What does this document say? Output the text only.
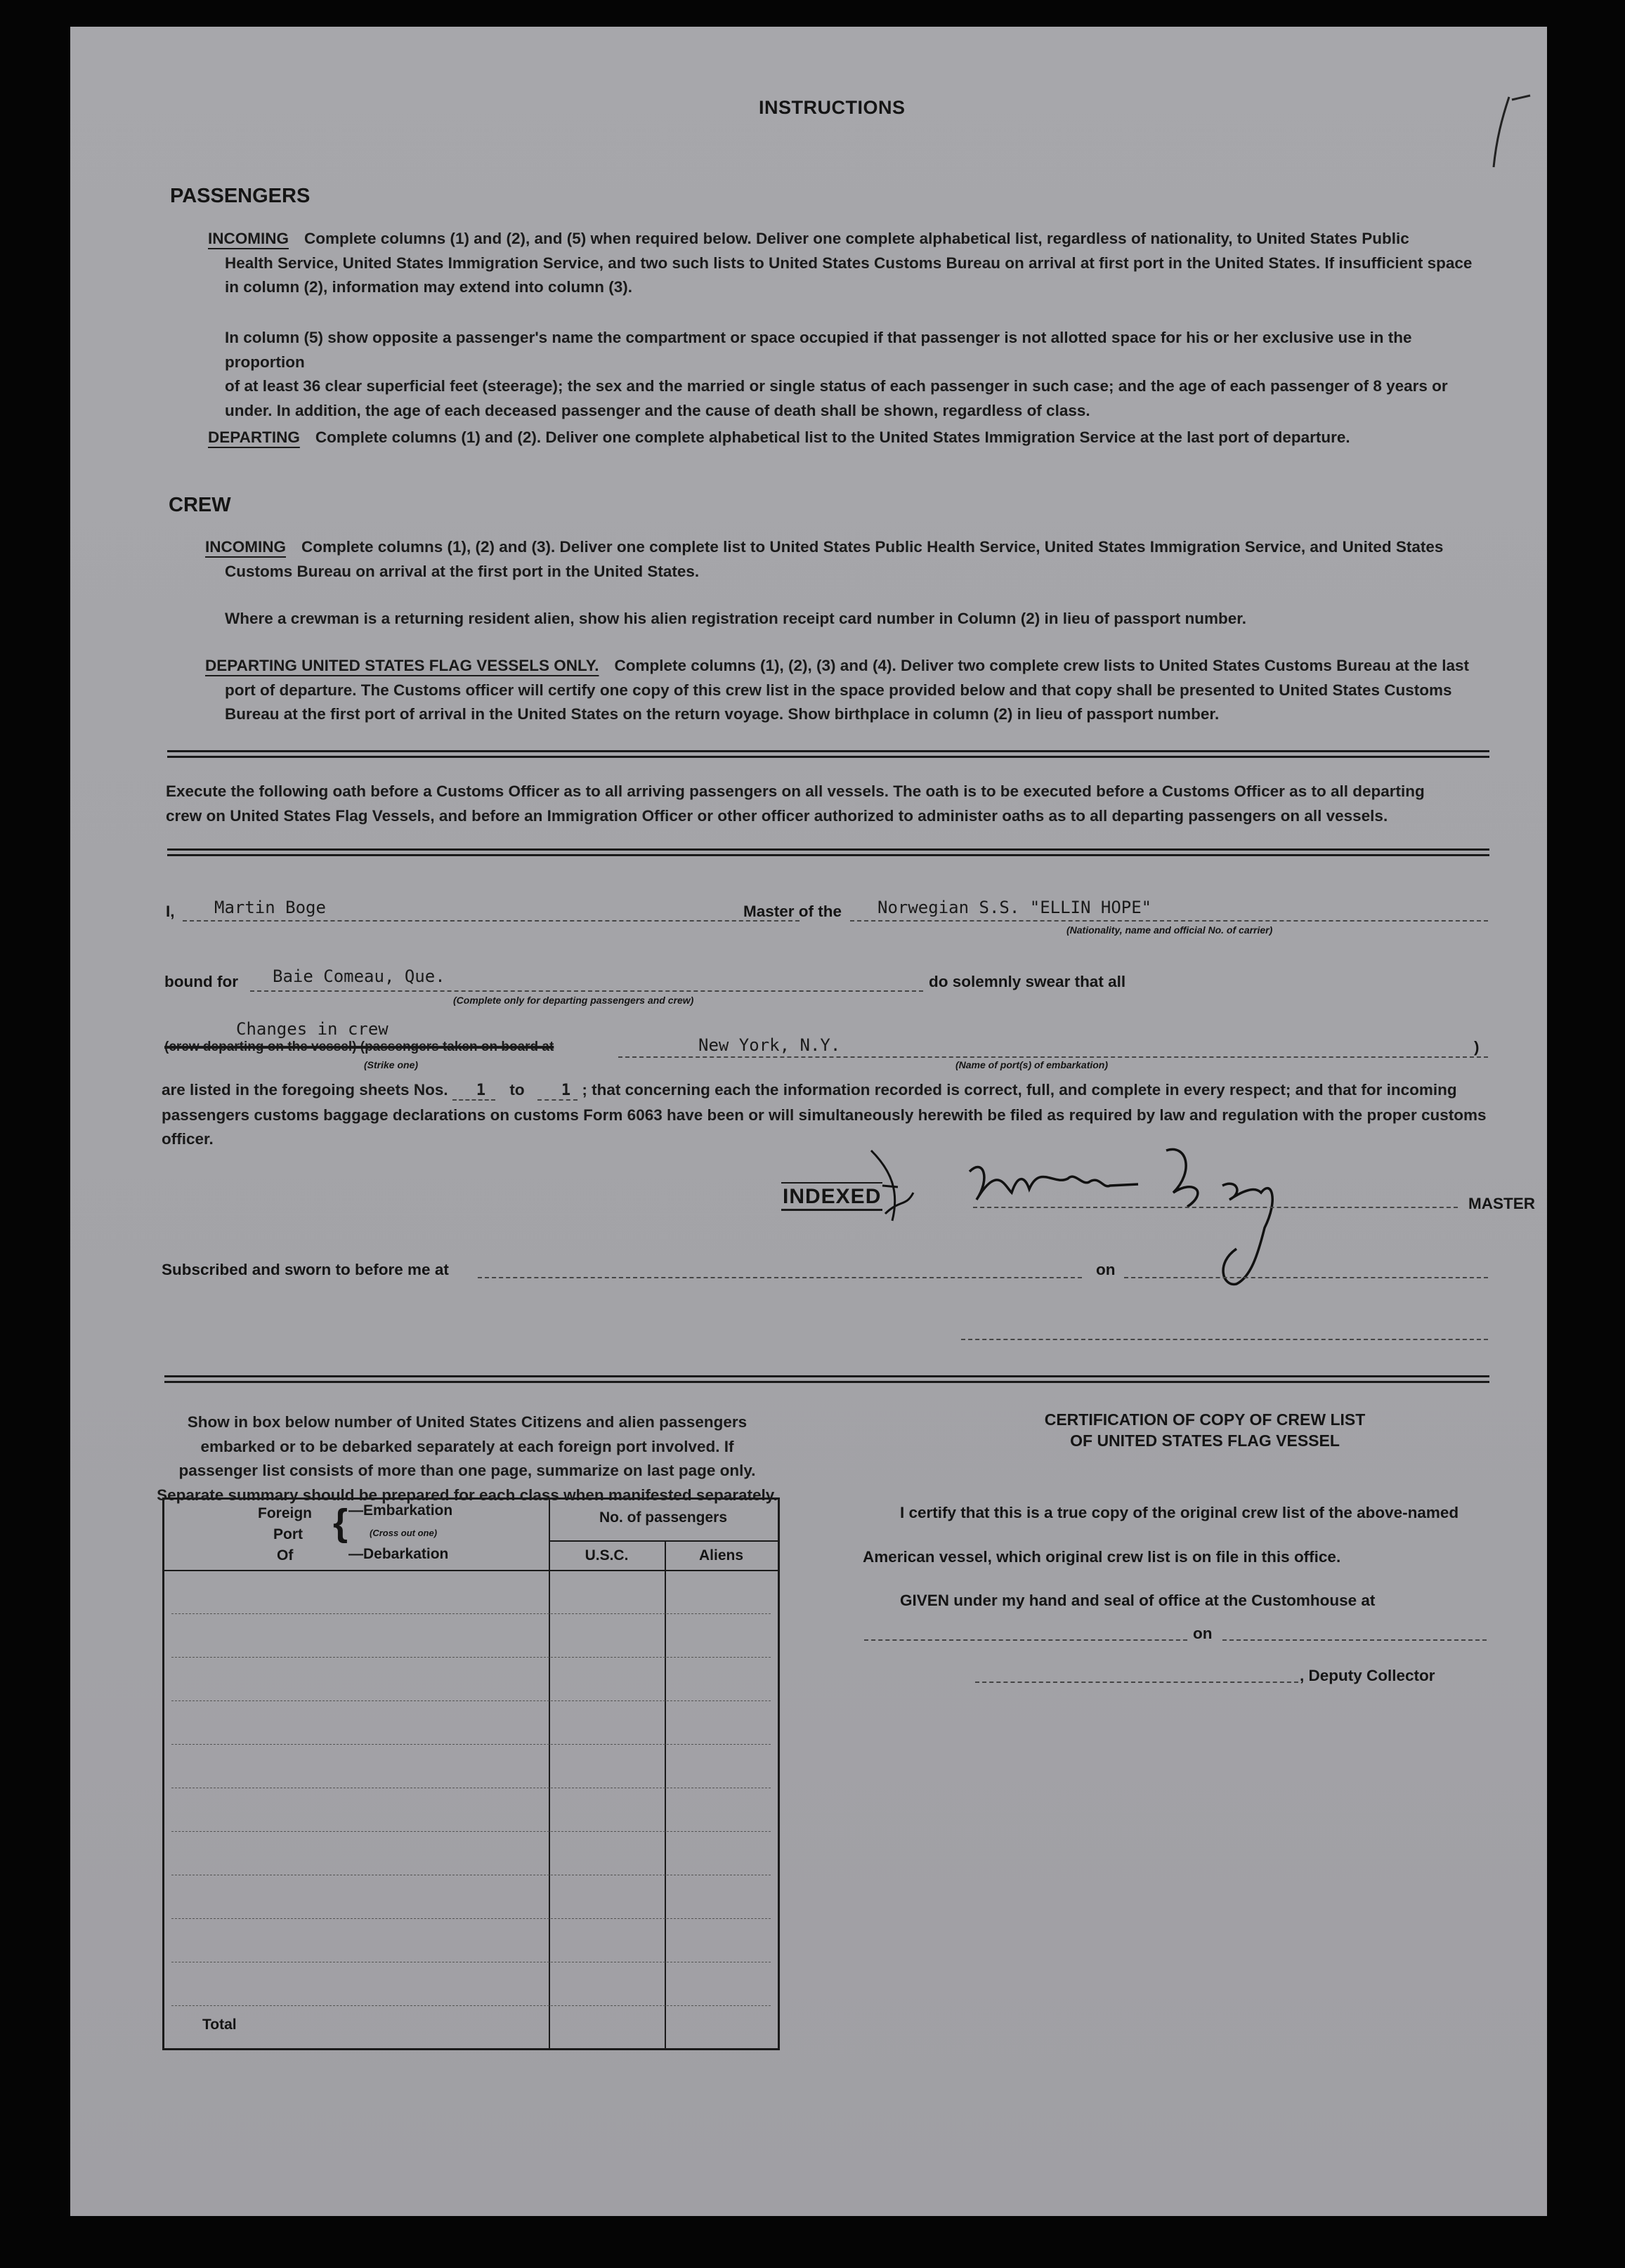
INSTRUCTIONS
PASSENGERS
INCOMING Complete columns (1) and (2), and (5) when required below. Deliver one complete alphabetical list, regardless of nationality, to United States Public
Health Service, United States Immigration Service, and two such lists to United States Customs Bureau on arrival at first port in the United States. If insufficient space
in column (2), information may extend into column (3).
In column (5) show opposite a passenger's name the compartment or space occupied if that passenger is not allotted space for his or her exclusive use in the proportion
of at least 36 clear superficial feet (steerage); the sex and the married or single status of each passenger in such case; and the age of each passenger of 8 years or
under. In addition, the age of each deceased passenger and the cause of death shall be shown, regardless of class.
DEPARTING Complete columns (1) and (2). Deliver one complete alphabetical list to the United States Immigration Service at the last port of departure.
CREW
INCOMING Complete columns (1), (2) and (3). Deliver one complete list to United States Public Health Service, United States Immigration Service, and United States
Customs Bureau on arrival at the first port in the United States.
Where a crewman is a returning resident alien, show his alien registration receipt card number in Column (2) in lieu of passport number.
DEPARTING UNITED STATES FLAG VESSELS ONLY. Complete columns (1), (2), (3) and (4). Deliver two complete crew lists to United States Customs Bureau at the last
port of departure. The Customs officer will certify one copy of this crew list in the space provided below and that copy shall be presented to United States Customs
Bureau at the first port of arrival in the United States on the return voyage. Show birthplace in column (2) in lieu of passport number.
Execute the following oath before a Customs Officer as to all arriving passengers on all vessels. The oath is to be executed before a Customs Officer as to all departing
crew on United States Flag Vessels, and before an Immigration Officer or other officer authorized to administer oaths as to all departing passengers on all vessels.
I, Martin Boge	Master of the Norwegian S.S. "ELLIN HOPE"
(Nationality, name and official No. of carrier)
bound for Baie Comeau, Que.
(Complete only for departing passengers and crew)
do solemnly swear that all
Changes in crew
(crew departing on the vessel) (passengers taken on board at
(Strike one)
New York, N.Y.
(Name of port(s) of embarkation)
)
are listed in the foregoing sheets Nos. 1 to 1 ; that concerning each the information recorded is correct, full, and complete in every respect; and that for incoming
passengers customs baggage declarations on customs Form 6063 have been or will simultaneously herewith be filed as required by law and regulation with the proper customs
officer.
INDEXED	MASTER
Subscribed and sworn to before me at	on
Show in box below number of United States Citizens and alien passengers
embarked or to be debarked separately at each foreign port involved. If
passenger list consists of more than one page, summarize on last page only.
Separate summary should be prepared for each class when manifested separately.
Foreign
Port
Of
{ —Embarkation
(Cross out one)
—Debarkation
No. of passengers
U.S.C.	Aliens
Total
CERTIFICATION OF COPY OF CREW LIST
OF UNITED STATES FLAG VESSEL
I certify that this is a true copy of the original crew list of the above-named
American vessel, which original crew list is on file in this office.
GIVEN under my hand and seal of office at the Customhouse at
on
, Deputy Collector
